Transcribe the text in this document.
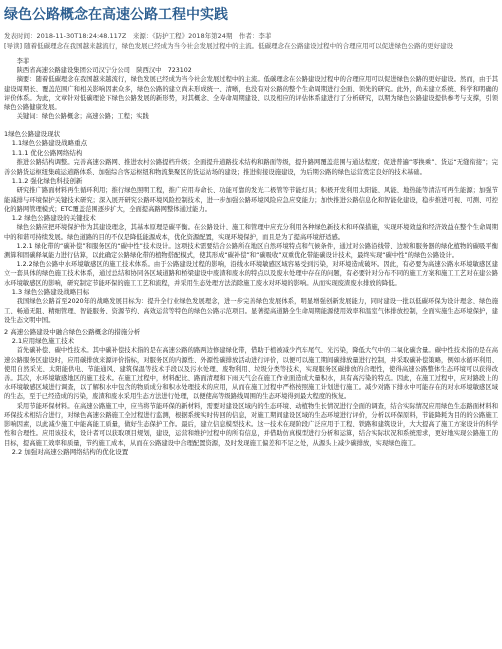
绿色公路概念在高速公路工程中实践
发表时间：2018-11-30T18:24:48.117Z　来源：《防护工程》2018年第24期　作者：李菲
[导读] 随着低碳理念在我国越来越流行，绿色发展已经成为当今社会发展过程中的主流。低碳理念在公路建设过程中的合理应用可以促进绿色公路的更好建设
李菲
陕西省高速公路建设集团公司汉宁分公司　陕西汉中　723102
摘要：随着低碳理念在我国越来越流行，绿色发展已经成为当今社会发展过程中的主流。低碳理念在公路建设过程中的合理应用可以促进绿色公路的更好建设。然而，由于其建设周期长、覆盖范围广和相关影响因素众多，绿色公路的建立尚未形成统一、清晰，也没有对公路的整个生命周期进行全面、领先的研究。此外，尚未建立系统、科学和明确的评价体系。为此，文章针对低碳理论下绿色公路发展的新形势，对其概念、全寿命周期建设、以及相应的评估体系建进行了分析研究，以期为绿色公路建设提供参考与支撑，引领绿色公路健康发展。
关键词：绿色公路概念；高速公路；工程；实践
1绿色公路建设现状
1.1绿色公路建设战略重点
1.1.1 优化公路网络结构
推进公路结构调整。完善高速公路网、推进农村公路提档升级；全面提升道路技术结构和路面等级，提升路网覆盖范围与通达程度；促进普遍“零换乘”、货运“无缝衔接”；完善公路货运枢纽集疏运道路体系、加强综合客运枢纽和物流集聚区的货运站场的建设；推进衔接设施建设，为后期公路的绿色运营奠定良好的技术基础。
1.1.2 强化绿色科技创新
研究推广路面材料再生循环利用；推行绿色照明工程，推广应用寿命长、功能可靠的发光二极管等节能灯具；积极开发利用太阳能、风能、地热能等清洁可再生能源；加强节能减排与环境保护关键技术研究；深入展开研究公路环境风险控制技术，进一步加强公路环境风险应急应变能力；加快推进公路信息化和智能化建设，稳步推进可视、可测、可控化的路网管理模式；ETC覆盖范围逐步扩大，全面提高路网整体通过能力。
1.2 绿色公路建设的关键技术
绿色公路应把环境保护作为其建设理念，其基本原理是碳平衡。在公路设计、施工和管理中应充分利用各种绿色新技术和环保措施，实现环境效益和经济效益在整个生命周期中的和谐可持续发展。绿色道路的目的不仅是降低能源成本，优化资源配置，实现环境保护，而且是为了提高环境舒适感。
1.2.1 绿化带的“碳补偿”和服务区的“碳中性”技术设计。这项技术需要结合公路所在地区自然环境特点和气候条件，通过对公路沿线带、边坡和服务器的绿化植物的碳吸平衡测算和固碳释氧能力进行估算，以此确定公路绿化带的植物搭配模式，使其形成“碳补偿”和“碳吸收”双重优化带能碳设计技术，最终实现“碳中性”的绿色公路设计。
1.2.2绿色公路中水环境敏感区的施工技术体系。由于公路建设过程的影响，沿线水环境敏感区域容易受到污染，对环境造成破坏。因此，有必要为高速公路水环境敏感区建立一套具体的绿色施工技术体系，通过总结和协同各区域道路和桥梁建设中废渣和废水的特点以及废水处理中存在的问题，有必要针对分布不同的施工方案和施工工艺对在建公路水环境敏感区的影响，研究制定节能环保的施工工艺和流程，并采用生态处理方法消除施工废水对环境的影响。从而实现废渣废水排放的降低。
1.3 绿色公路建设战略目标
我国绿色公路首至2020年的战略发展目标为：提升全行业绿色发展理念，进一步完善绿色发展体系，明显增强创新发展能力，同时建设一批以低碳环保为设计理念、绿色施工、畅通无阻、精细管理、智能服务、资源节约、高效运营等特色的绿色公路示范项目。显著提高道路全生命周期能源使用效率和温室气体排放控制，全面实施生态环境保护，建设生态文明中国。
2 高速公路建设中融合绿色公路概念的措施分析
2.1应用绿色施工技术
首先碳补偿、碳中性技术。其中碳补偿技术指的是在高速公路的路两边修建绿化带，借助于植被减少汽车尾气、光污染，降低大气中的二氧化碳含量。碳中性技术指的是在高速公路服务区建设时，应用碳排放来源评价指标，对服务区的内源性、外源性碳排放活动进行评价，以便可以施工期间碳排放量进行控制，并采取碳补偿策略，例如水循环利用、使用自然采光、太阳能供电、节能通风、建筑保温等技术手段以及污水处理、废物利用、垃圾分类等技术，实现服务区碳排放的合理性，使得高速公路整体生态环境可以获得改善。其次，水环境敏感地区的施工技术。在施工过程中，材料配比、路面清理和下雨天气会在施工作业面造成大量积水，具有高污染的特点。因此，在施工过程中，应对路段上的水环境敏感区域进行调查，以了解积水中包含的物质成分和积水处理技术的应用，从而在施工过程中严格按照施工计划进行施工。减少对路下排水中可能存在的对水环境敏感区域的生态，至于已经造成的污染，废渣和废水采用生态方法进行处理，以便使高等级路线周围的生态环境得到最大程度的恢复。
采用节能环保材料。在高速公路施工中，应当将节能环保的新材料，需要对建设区域内的生态环境、动植物生长情况进行全面的调查，结合实际情况应用绿色生态路面材料和环保技术相结合进行，对绿色高速公路施工全过程进行监测，根据系统实时传回的信息，对施工期间建设区域的生态环境进行评价，分析以环保原料，节能降耗为目的的公路施工影响因素，以此减少施工中能高能工质量，做好生态保护工作。最后，建立信息模型技术。这一技术在现阶段广泛应用于工程、铁路和建筑设计，大大提高了施工方案设计的科学性和合理性。应用该技术，设计者可以获取项目规划，建设，运营和维护过程中的所有信息，并借助仿真模型进行分析和运算，结合实际状况和系统需求，更好地实现公路施工的目标，提高施工效率和质量，节约施工成本，从而在公路建设中合理配置资源，及时发现施工偏差和不足之处，从源头上减少碳排放，实现绿色施工。
2.2 加强对高速公路网络结构的优化设置
